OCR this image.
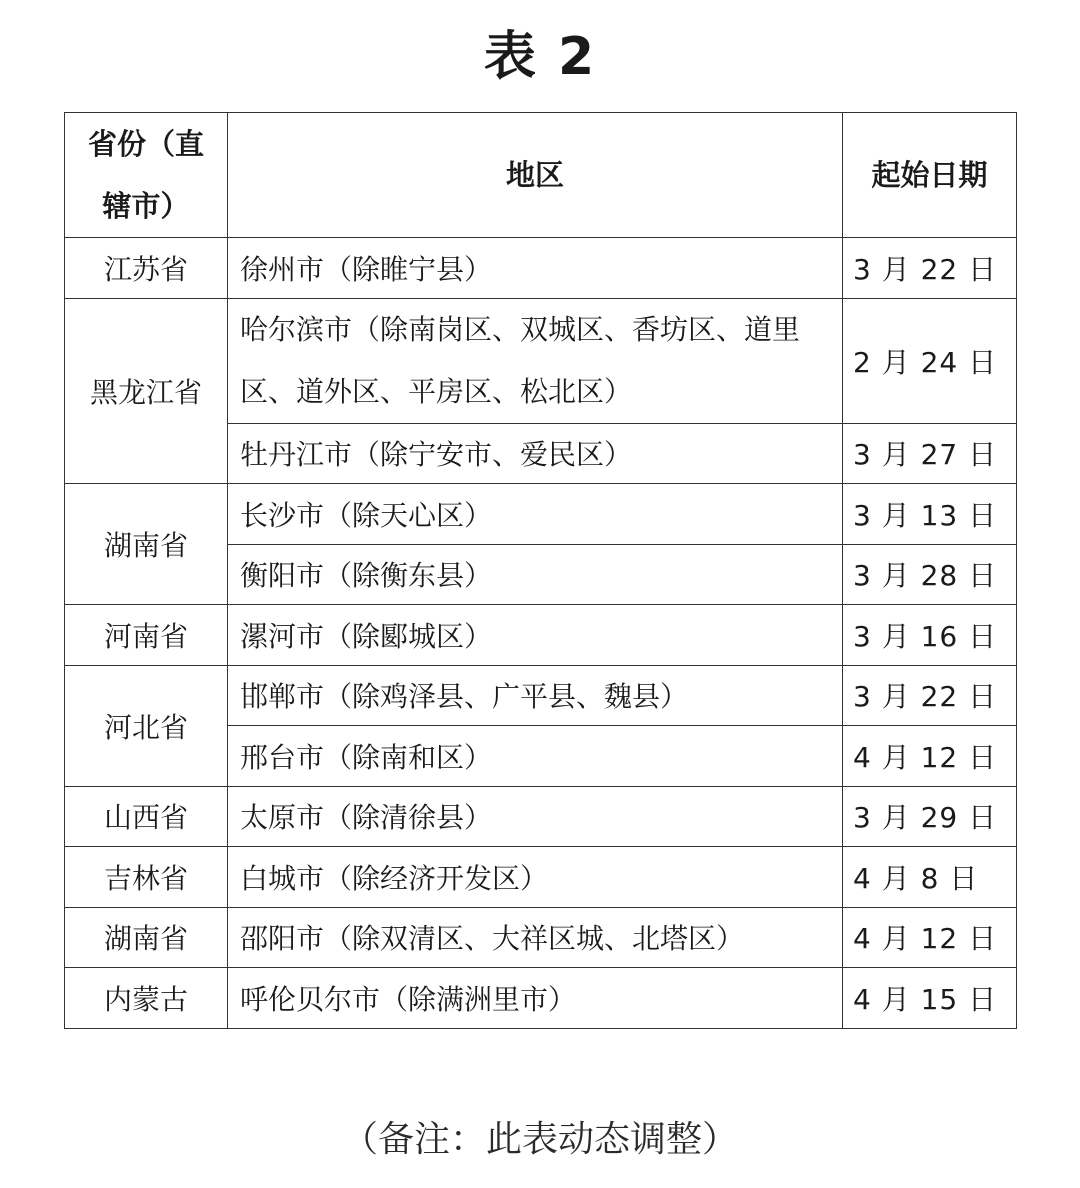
表 2
省份（直辖市）	地区	起始日期
江苏省	徐州市（除睢宁县）	3 月 22 日
黑龙江省	哈尔滨市（除南岗区、双城区、香坊区、道里区、道外区、平房区、松北区）	2 月 24 日
	牡丹江市（除宁安市、爱民区）	3 月 27 日
湖南省	长沙市（除天心区）	3 月 13 日
	衡阳市（除衡东县）	3 月 28 日
河南省	漯河市（除郾城区）	3 月 16 日
河北省	邯郸市（除鸡泽县、广平县、魏县）	3 月 22 日
	邢台市（除南和区）	4 月 12 日
山西省	太原市（除清徐县）	3 月 29 日
吉林省	白城市（除经济开发区）	4 月 8 日
湖南省	邵阳市（除双清区、大祥区城、北塔区）	4 月 12 日
内蒙古	呼伦贝尔市（除满洲里市）	4 月 15 日
（备注：此表动态调整）
